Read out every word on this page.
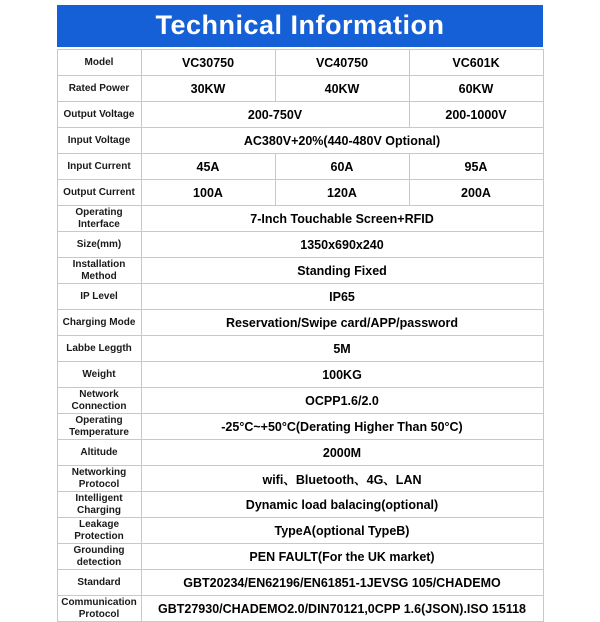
Technical Information
Model	VC30750	VC40750	VC601K
Rated Power	30KW	40KW	60KW
Output Voltage	200-750V		200-1000V
Input Voltage	AC380V+20%(440-480V Optional)		
Input Current	45A	60A	95A
Output Current	100A	120A	200A
Operating Interface	7-Inch Touchable Screen+RFID		
Size(mm)	1350x690x240		
Installation Method	Standing Fixed		
IP Level	IP65		
Charging Mode	Reservation/Swipe card/APP/password		
Labbe Leggth	5M		
Weight	100KG		
Network Connection	OCPP1.6/2.0		
Operating Temperature	-25°C~+50°C(Derating Higher Than 50°C)		
Altitude	2000M		
Networking Protocol	wifi、Bluetooth、4G、LAN		
Intelligent Charging	Dynamic load balacing(optional)		
Leakage Protection	TypeA(optional TypeB)		
Grounding detection	PEN FAULT(For the UK market)		
Standard	GBT20234/EN62196/EN61851-1JEVSG 105/CHADEMO		
Communication Protocol	GBT27930/CHADEMO2.0/DIN70121,0CPP 1.6(JSON).ISO 15118		
